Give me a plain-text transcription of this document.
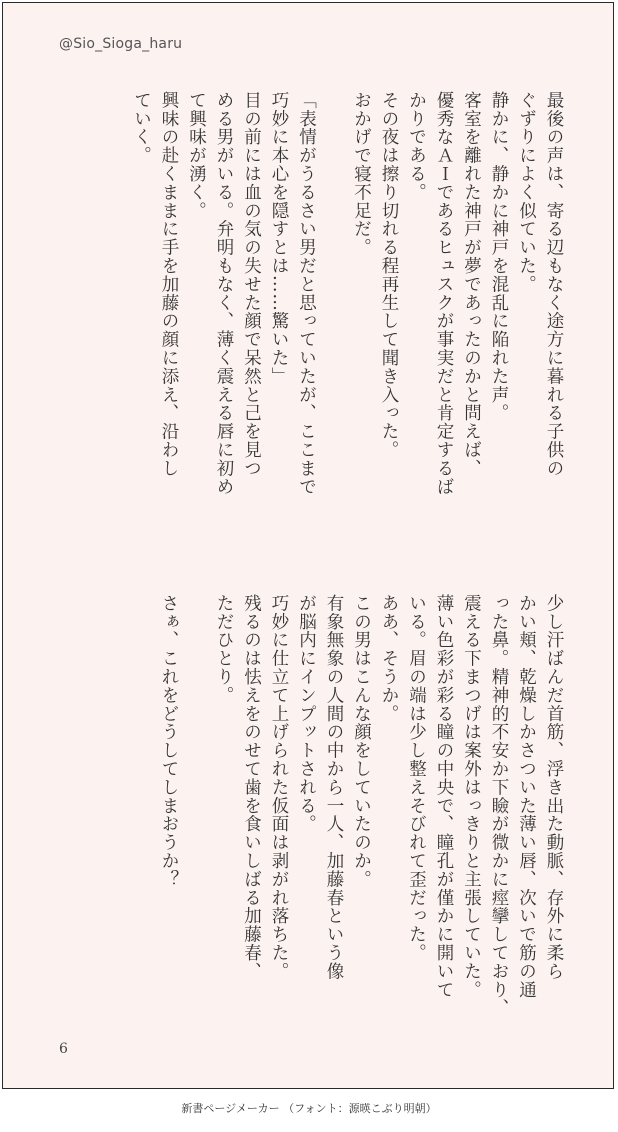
@Sio_Sioga_haru
最後の声は、寄る辺もなく途方に暮れる子供の
ぐずりによく似ていた。
静かに、静かに神戸を混乱に陥れた声。
客室を離れた神戸が夢であったのかと問えば、
優秀なＡＩであるヒュスクが事実だと肯定するば
かりである。
その夜は擦り切れる程再生して聞き入った。
おかげで寝不足だ。
「表情がうるさい男だと思っていたが、ここまで
巧妙に本心を隠すとは……驚いた」
目の前には血の気の失せた顔で呆然と己を見つ
める男がいる。弁明もなく、薄く震える唇に初め
て興味が湧く。
興味の赴くままに手を加藤の顔に添え、沿わし
ていく。
少し汗ばんだ首筋、浮き出た動脈、存外に柔ら
かい頬、乾燥しかさついた薄い唇、次いで筋の通
った鼻。精神的不安か下瞼が微かに痙攣しており、
震える下まつげは案外はっきりと主張していた。
薄い色彩が彩る瞳の中央で、瞳孔が僅かに開いて
いる。眉の端は少し整えそびれて歪だった。
ああ、そうか。
この男はこんな顔をしていたのか。
有象無象の人間の中から一人、加藤春という像
が脳内にインプットされる。
巧妙に仕立て上げられた仮面は剥がれ落ちた。
残るのは怯えをのせて歯を食いしばる加藤春、
ただひとり。
さぁ、これをどうしてしまおうか？
6
新書ページメーカー （フォント：源暎こぶり明朝）
